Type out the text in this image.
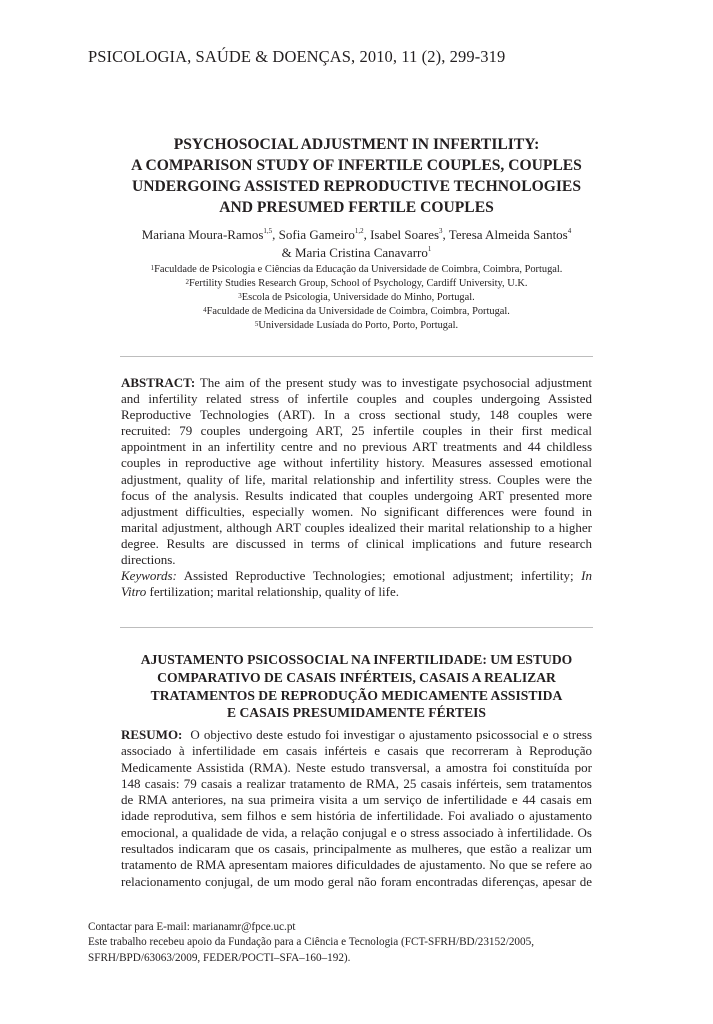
PSICOLOGIA, SAÚDE & DOENÇAS, 2010, 11 (2), 299-319
PSYCHOSOCIAL ADJUSTMENT IN INFERTILITY:
A COMPARISON STUDY OF INFERTILE COUPLES, COUPLES
UNDERGOING ASSISTED REPRODUCTIVE TECHNOLOGIES
AND PRESUMED FERTILE COUPLES
Mariana Moura-Ramos$^{1,5}$, Sofia Gameiro$^{1,2}$, Isabel Soares$^3$, Teresa Almeida Santos$^4$
& Maria Cristina Canavarro$^1$
$^1$Faculdade de Psicologia e Ciências da Educação da Universidade de Coimbra, Coimbra, Portugal.
$^2$Fertility Studies Research Group, School of Psychology, Cardiff University, U.K.
$^3$Escola de Psicologia, Universidade do Minho, Portugal.
$^4$Faculdade de Medicina da Universidade de Coimbra, Coimbra, Portugal.
$^5$Universidade Lusíada do Porto, Porto, Portugal.

ABSTRACT: The aim of the present study was to investigate psychosocial adjustment

and infertility related stress of infertile couples and couples undergoing Assisted

Reproductive Technologies (ART). In a cross sectional study, 148 couples were

recruited: 79 couples undergoing ART, 25 infertile couples in their first medical

appointment in an infertility centre and no previous ART treatments and 44 childless

couples in reproductive age without infertility history. Measures assessed emotional

adjustment, quality of life, marital relationship and infertility stress. Couples were the

focus of the analysis. Results indicated that couples undergoing ART presented more

adjustment difficulties, especially women. No significant differences were found in

marital adjustment, although ART couples idealized their marital relationship to a higher

degree. Results are discussed in terms of clinical implications and future research

directions.

Keywords: Assisted Reproductive Technologies; emotional adjustment; infertility; In

Vitro fertilization; marital relationship, quality of life.

AJUSTAMENTO PSICOSSOCIAL NA INFERTILIDADE: UM ESTUDO
COMPARATIVO DE CASAIS INFÉRTEIS, CASAIS A REALIZAR
TRATAMENTOS DE REPRODUÇÃO MEDICAMENTE ASSISTIDA
E CASAIS PRESUMIDAMENTE FÉRTEIS

RESUMO: O objectivo deste estudo foi investigar o ajustamento psicossocial e o stress

associado à infertilidade em casais inférteis e casais que recorreram à Reprodução

Medicamente Assistida (RMA). Neste estudo transversal, a amostra foi constituída por

148 casais: 79 casais a realizar tratamento de RMA, 25 casais inférteis, sem tratamentos

de RMA anteriores, na sua primeira visita a um serviço de infertilidade e 44 casais em

idade reprodutiva, sem filhos e sem história de infertilidade. Foi avaliado o ajustamento

emocional, a qualidade de vida, a relação conjugal e o stress associado à infertilidade. Os

resultados indicaram que os casais, principalmente as mulheres, que estão a realizar um

tratamento de RMA apresentam maiores dificuldades de ajustamento. No que se refere ao

relacionamento conjugal, de um modo geral não foram encontradas diferenças, apesar de

Contactar para E-mail: marianamr@fpce.uc.pt
Este trabalho recebeu apoio da Fundação para a Ciência e Tecnologia (FCT-SFRH/BD/23152/2005,
SFRH/BPD/63063/2009, FEDER/POCTI–SFA–160–192).
